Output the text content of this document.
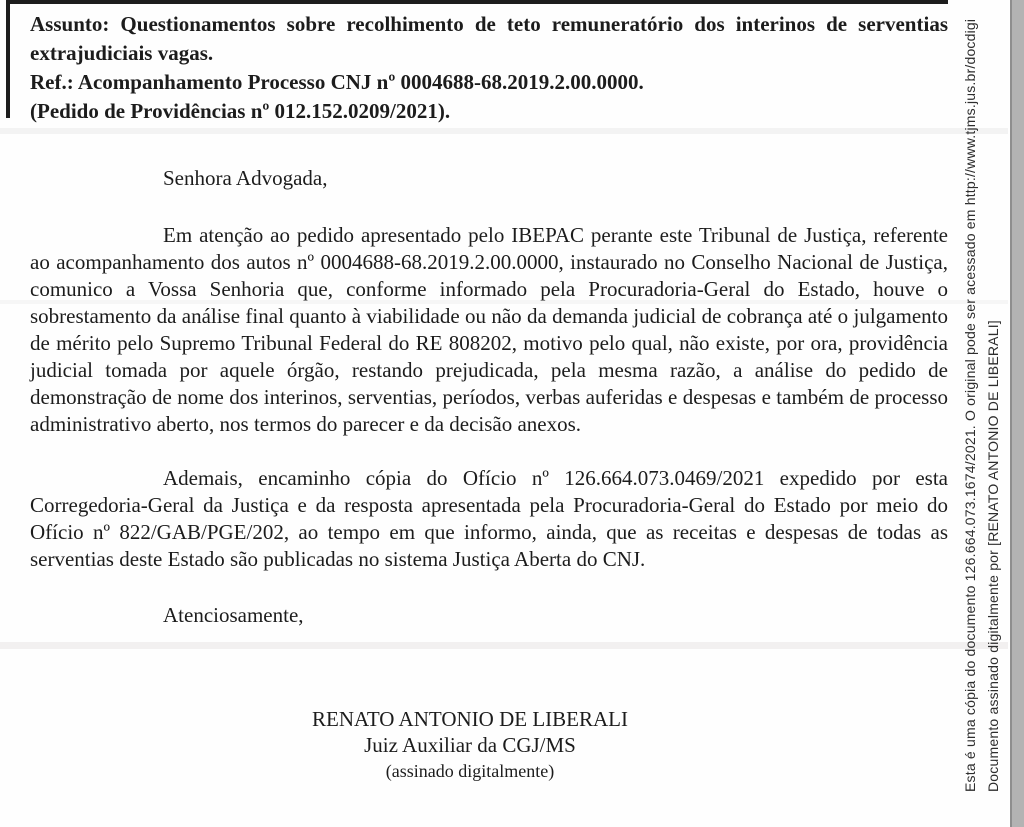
Assunto: Questionamentos sobre recolhimento de teto remuneratório dos interinos de serventias extrajudiciais vagas.

Ref.: Acompanhamento Processo CNJ nº 0004688-68.2019.2.00.0000.

(Pedido de Providências nº 012.152.0209/2021).

Senhora Advogada,

Em atenção ao pedido apresentado pelo IBEPAC perante este Tribunal de Justiça, referente ao acompanhamento dos autos nº 0004688-68.2019.2.00.0000, instaurado no Conselho Nacional de Justiça, comunico a Vossa Senhoria que, conforme informado pela Procuradoria-Geral do Estado, houve o sobrestamento da análise final quanto à viabilidade ou não da demanda judicial de cobrança até o julgamento de mérito pelo Supremo Tribunal Federal do RE 808202, motivo pelo qual, não existe, por ora, providência judicial tomada por aquele órgão, restando prejudicada, pela mesma razão, a análise do pedido de demonstração de nome dos interinos, serventias, períodos, verbas auferidas e despesas e também de processo administrativo aberto, nos termos do parecer e da decisão anexos.

Ademais, encaminho cópia do Ofício nº 126.664.073.0469/2021 expedido por esta Corregedoria-Geral da Justiça e da resposta apresentada pela Procuradoria-Geral do Estado por meio do Ofício nº 822/GAB/PGE/202, ao tempo em que informo, ainda, que as receitas e despesas de todas as serventias deste Estado são publicadas no sistema Justiça Aberta do CNJ.

Atenciosamente,

RENATO ANTONIO DE LIBERALI
Juiz Auxiliar da CGJ/MS
(assinado digitalmente)	Esta é uma cópia do documento 126.664.073.1674/2021. O original pode ser acessado em http://www.tjms.jus.br/docdigi Documento assinado digitalmente por [RENATO ANTONIO DE LIBERALI]
